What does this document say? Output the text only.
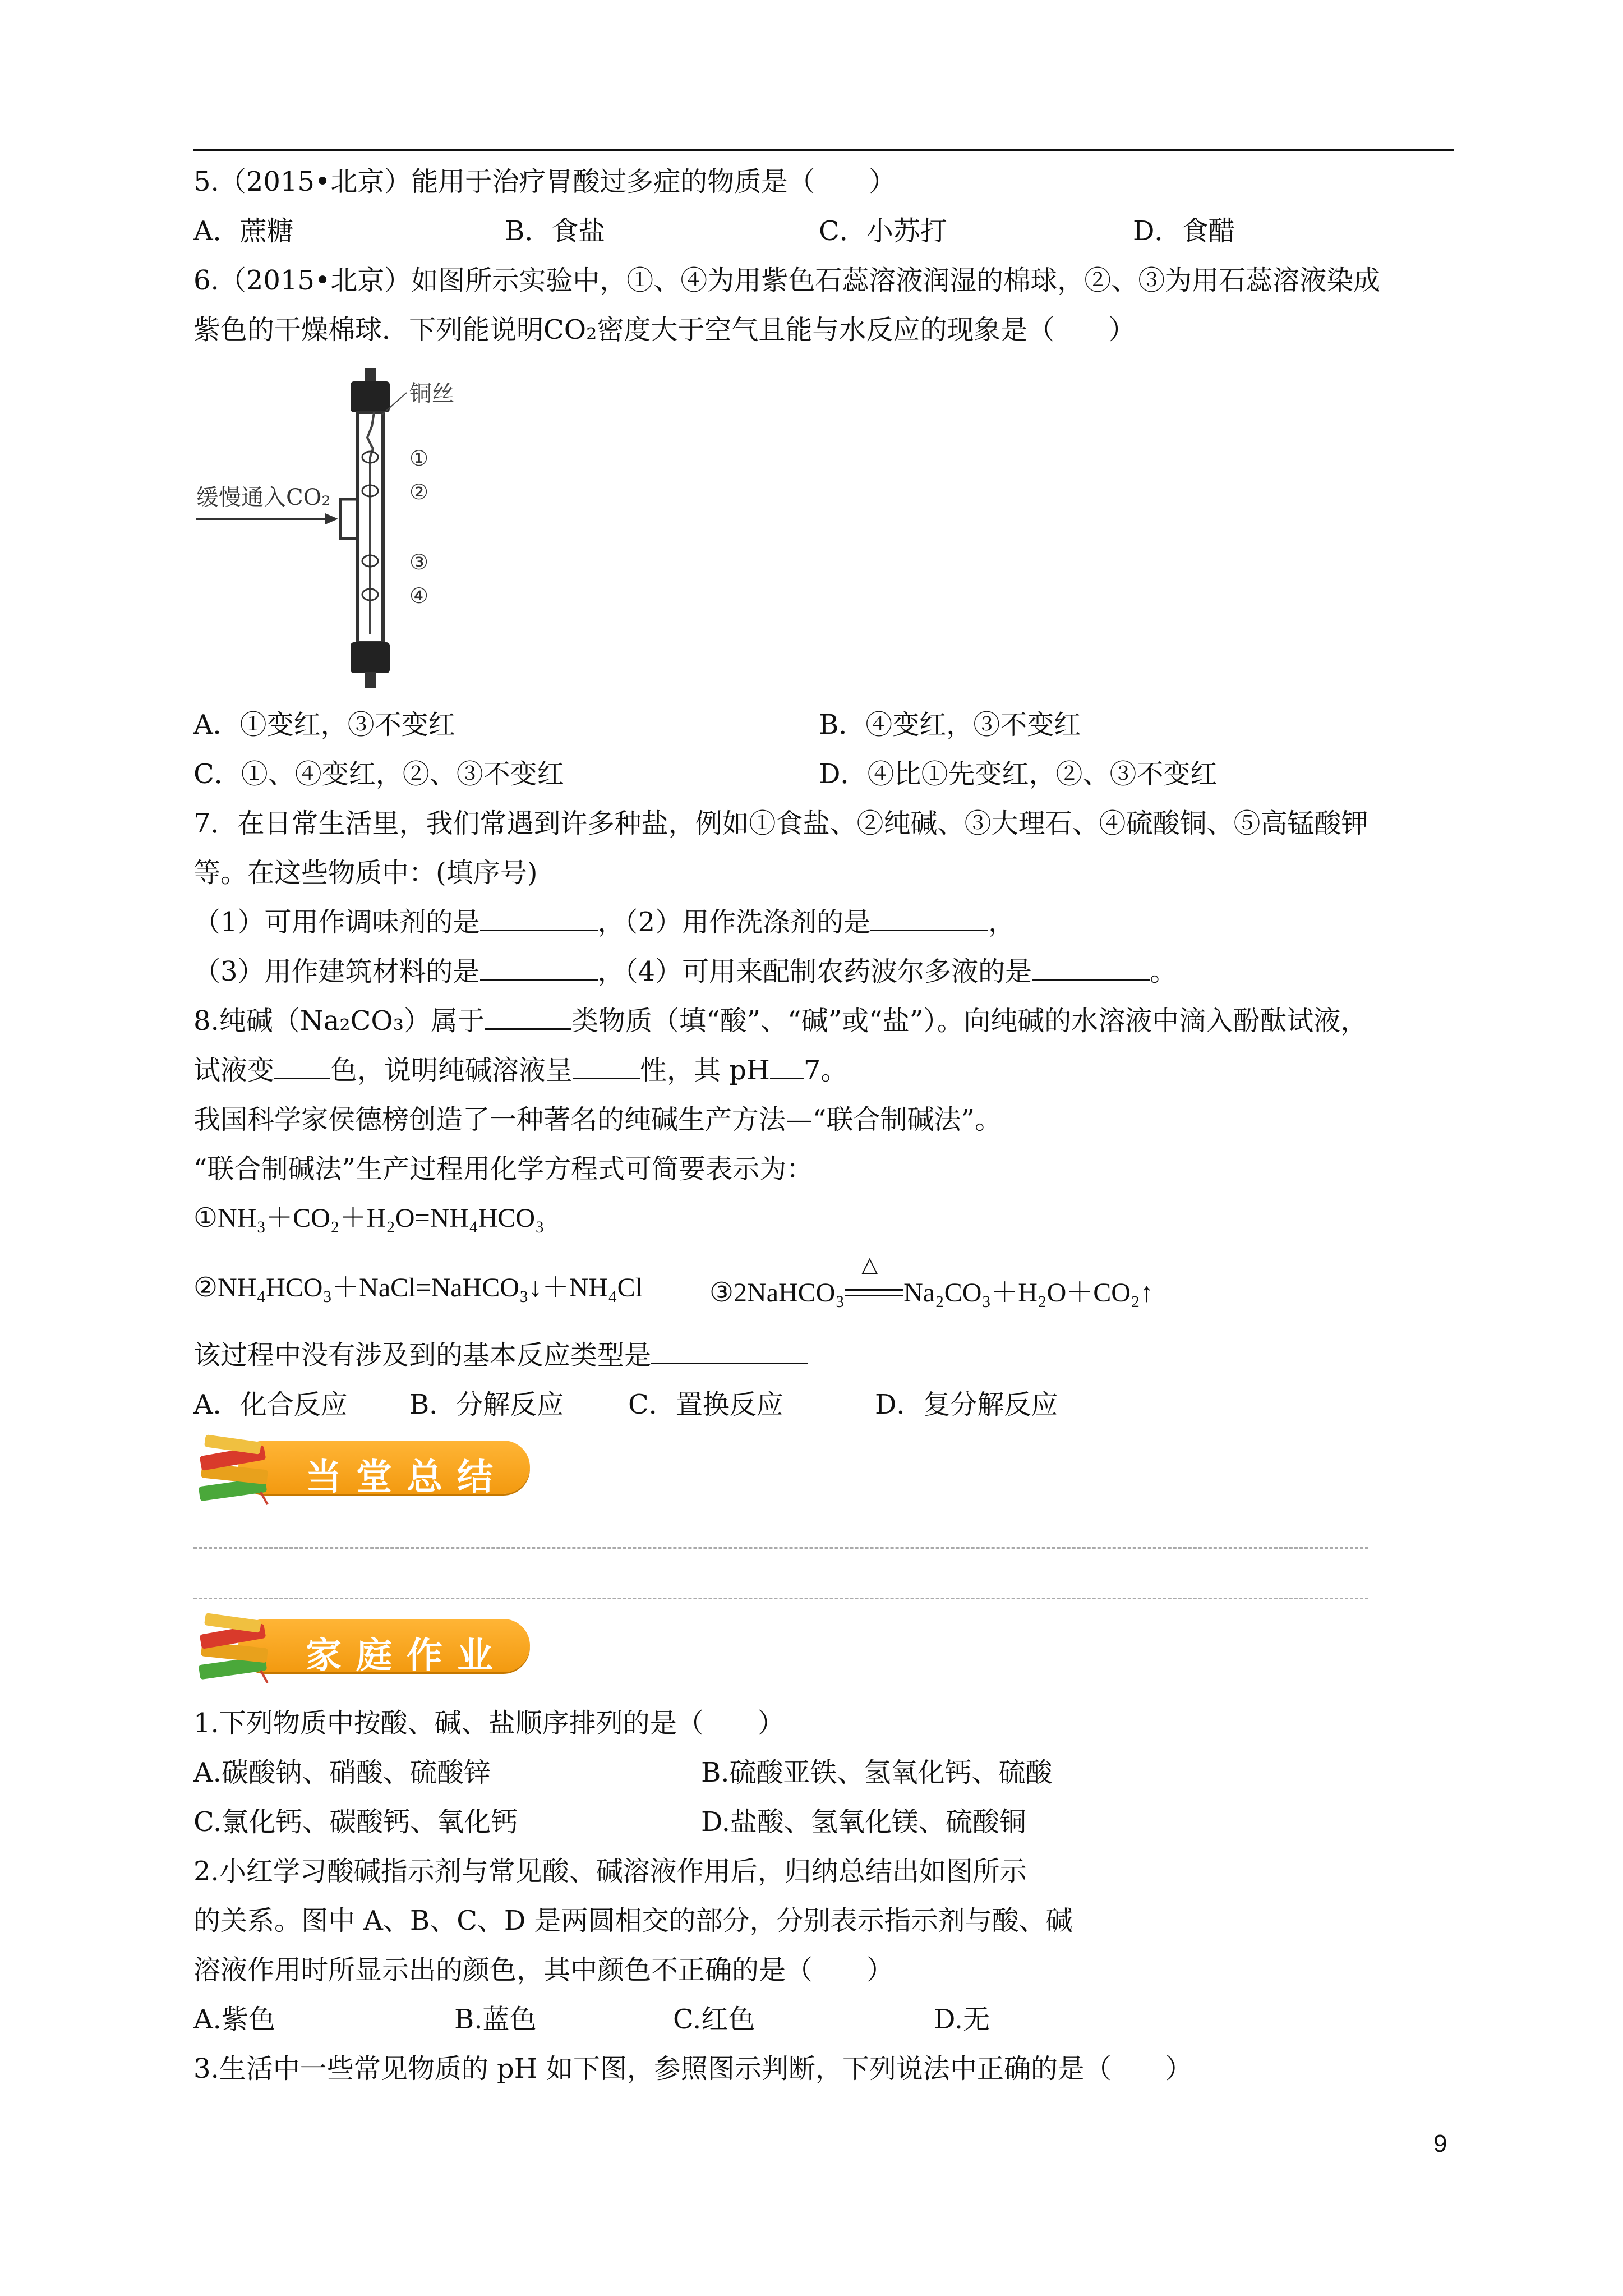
5.（2015•北京）能用于治疗胃酸过多症的物质是（　　）
A．蔗糖	B．食盐	C．小苏打	D．食醋
6.（2015•北京）如图所示实验中，①、④为用紫色石蕊溶液润湿的棉球，②、③为用石蕊溶液染成
紫色的干燥棉球．下列能说明CO₂密度大于空气且能与水反应的现象是（　　）
铜丝
①
②
③
④
缓慢通入CO₂
A．①变红，③不变红	B．④变红，③不变红
C．①、④变红，②、③不变红	D．④比①先变红，②、③不变红
7．在日常生活里，我们常遇到许多种盐，例如①食盐、②纯碱、③大理石、④硫酸铜、⑤高锰酸钾
等。在这些物质中：(填序号)
（1）可用作调味剂的是	，（2）用作洗涤剂的是	，
（3）用作建筑材料的是	，（4）可用来配制农药波尔多液的是	。
8.纯碱（Na₂CO₃）属于	类物质（填“酸”、“碱”或“盐”）。向纯碱的水溶液中滴入酚酞试液，
试液变 色，说明纯碱溶液呈	性，其 pH 7。
我国科学家侯德榜创造了一种著名的纯碱生产方法—“联合制碱法”。
“联合制碱法”生产过程用化学方程式可简要表示为：
①NH₃＋CO₂＋H₂O=NH₄HCO₃
②NH₄HCO₃＋NaCl=NaHCO₃↓＋NH₄Cl ③2NaHCO₃
△
Na₂CO₃＋H₂O＋CO₂↑
该过程中没有涉及到的基本反应类型是
A．化合反应 B．分解反应 C．置换反应	D．复分解反应
当堂总结
家庭作业
1.下列物质中按酸、碱、盐顺序排列的是（　　）
A.碳酸钠、硝酸、硫酸锌	B.硫酸亚铁、氢氧化钙、硫酸
C.氯化钙、碳酸钙、氧化钙	D.盐酸、氢氧化镁、硫酸铜
2.小红学习酸碱指示剂与常见酸、碱溶液作用后，归纳总结出如图所示
的关系。图中 A、B、C、D 是两圆相交的部分，分别表示指示剂与酸、碱
溶液作用时所显示出的颜色，其中颜色不正确的是（　　）
A.紫色	B.蓝色	C.红色	D.无
3.生活中一些常见物质的 pH 如下图，参照图示判断，下列说法中正确的是（　　）
9
